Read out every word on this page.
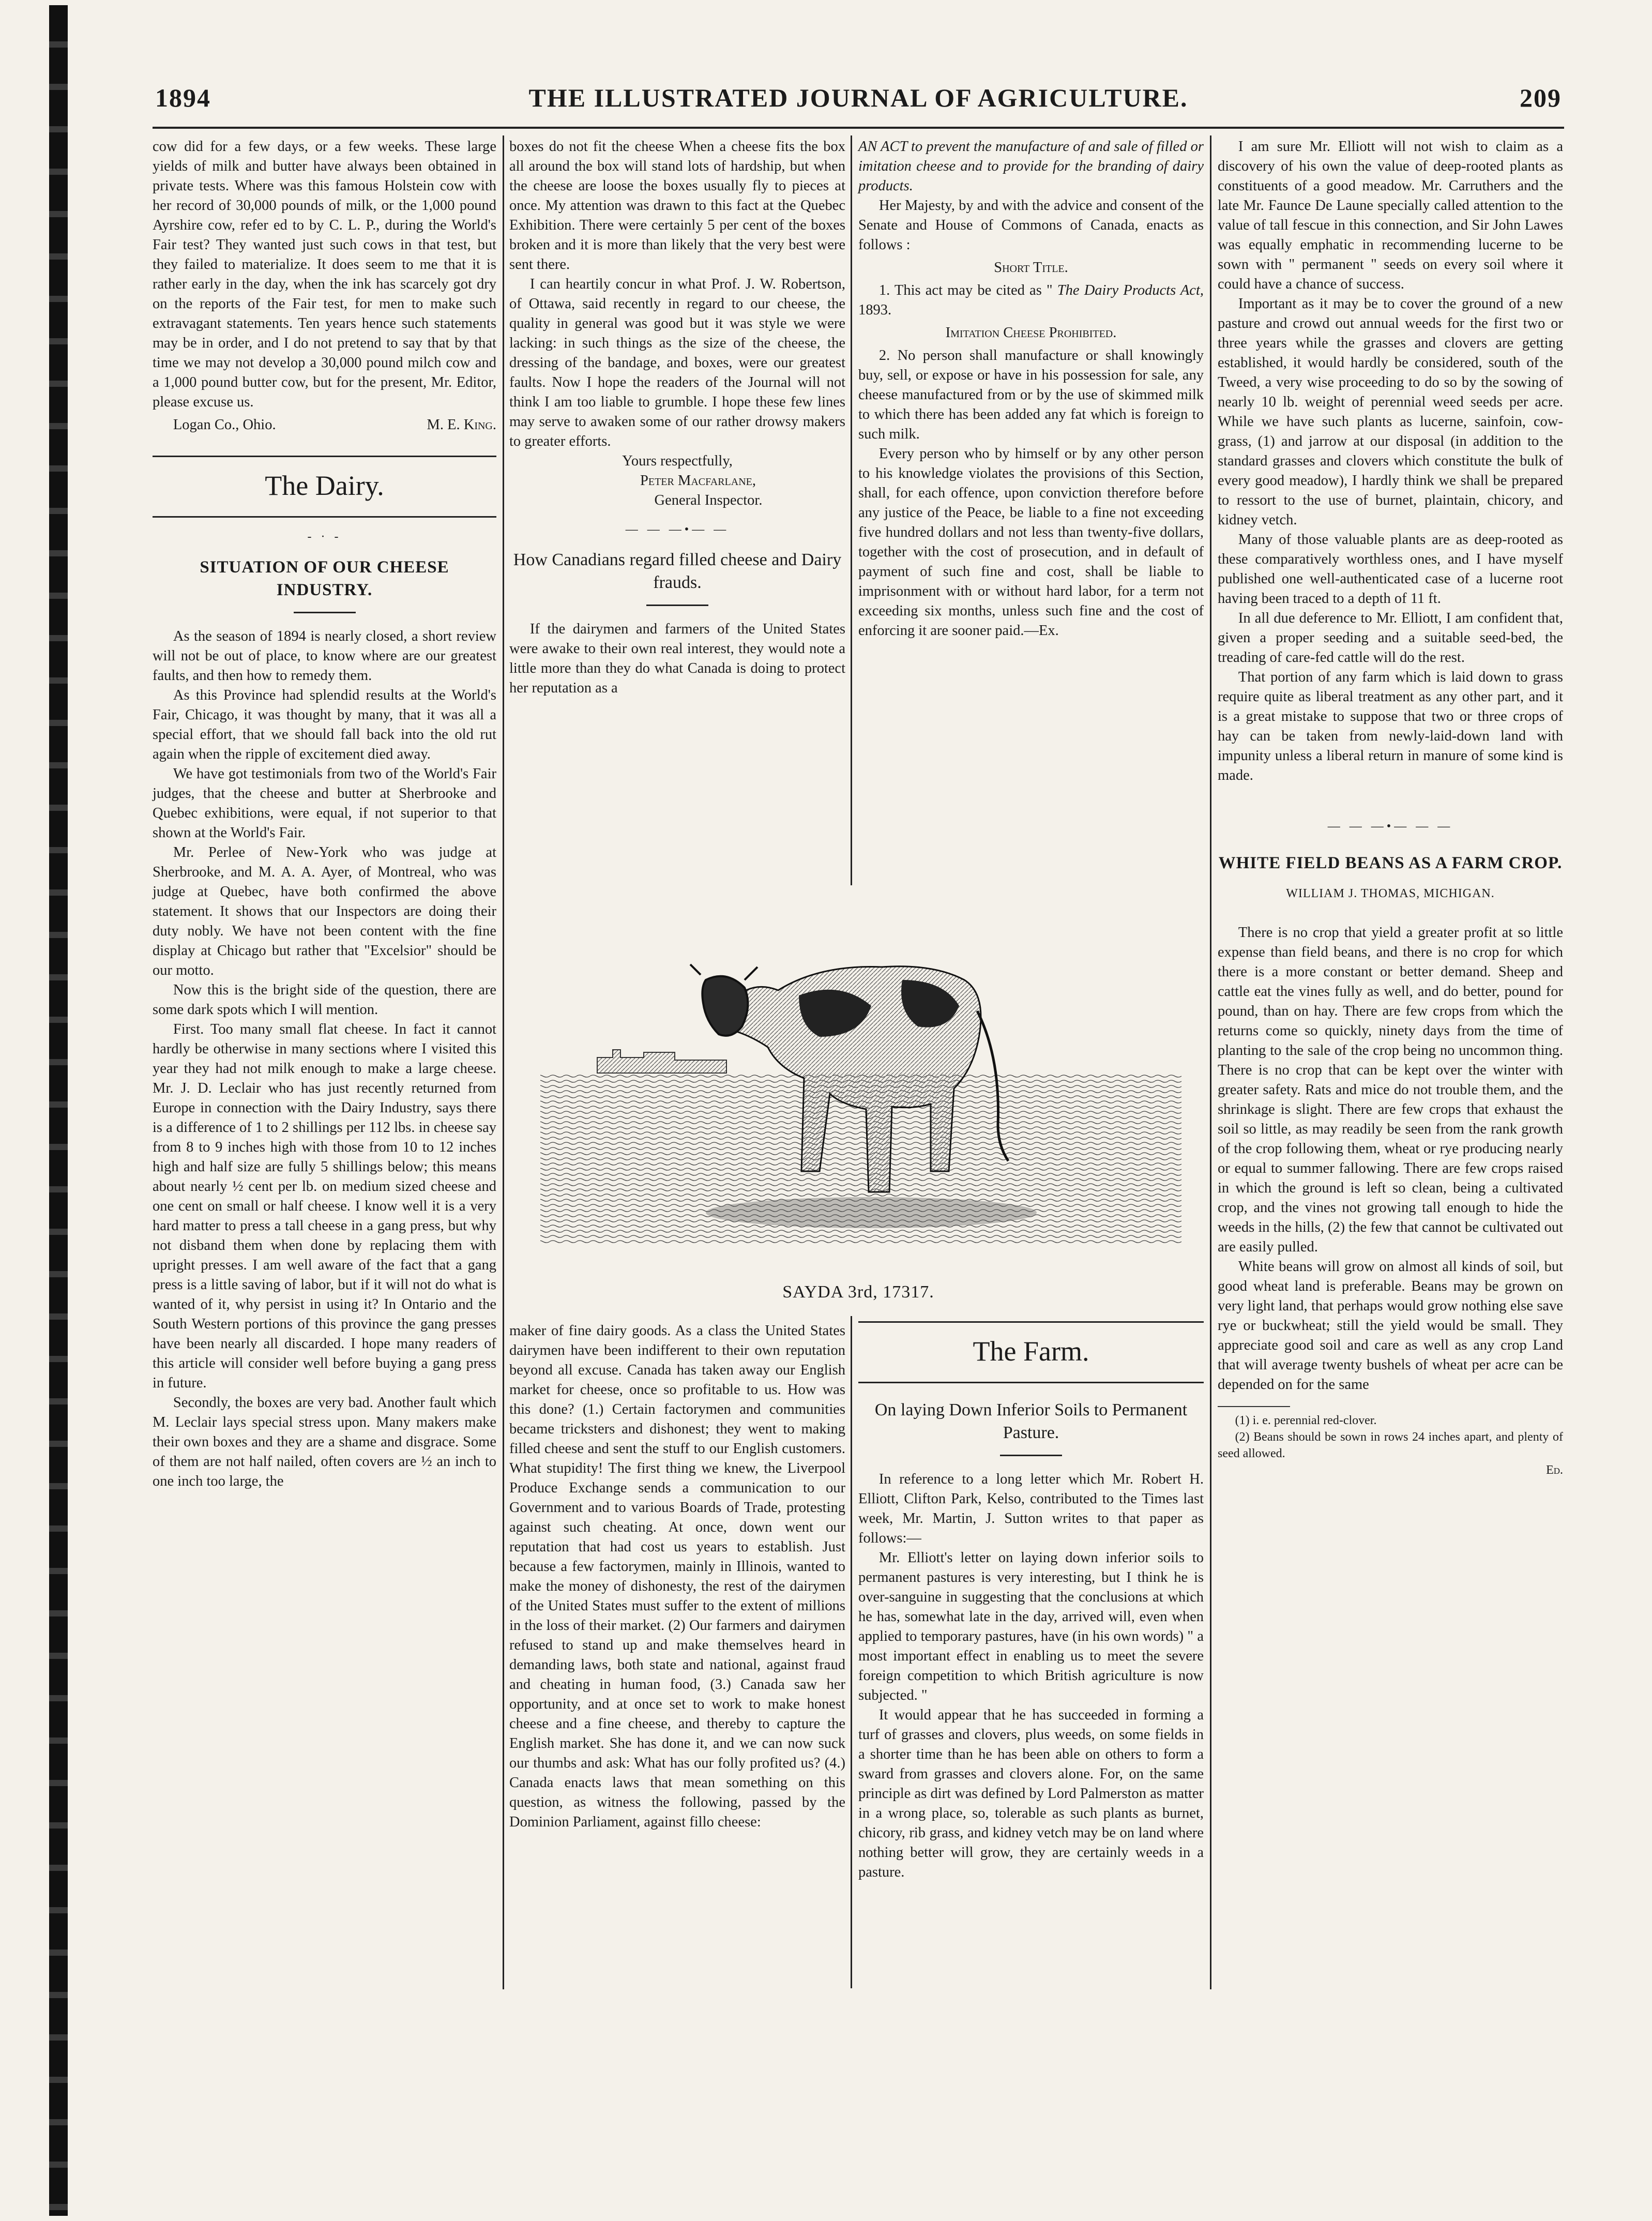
1894	THE ILLUSTRATED JOURNAL OF AGRICULTURE.	209

cow did for a few days, or a few weeks. These large yields of milk and butter have always been obtained in private tests. Where was this famous Holstein cow with her record of 30,000 pounds of milk, or the 1,000 pound Ayrshire cow, refer ed to by C. L. P., during the World's Fair test? They wanted just such cows in that test, but they failed to materialize. It does seem to me that it is rather early in the day, when the ink has scarcely got dry on the reports of the Fair test, for men to make such extravagant statements. Ten years hence such statements may be in order, and I do not pretend to say that by that time we may not develop a 30,000 pound milch cow and a 1,000 pound butter cow, but for the present, Mr. Editor, please excuse us.

Logan Co., Ohio.	M. E. King.

The Dairy.
- · -
SITUATION OF OUR CHEESE INDUSTRY.

As the season of 1894 is nearly closed, a short review will not be out of place, to know where are our greatest faults, and then how to remedy them.

As this Province had splendid results at the World's Fair, Chicago, it was thought by many, that it was all a special effort, that we should fall back into the old rut again when the ripple of excitement died away.

We have got testimonials from two of the World's Fair judges, that the cheese and butter at Sherbrooke and Quebec exhibitions, were equal, if not superior to that shown at the World's Fair.

Mr. Perlee of New-York who was judge at Sherbrooke, and M. A. A. Ayer, of Montreal, who was judge at Quebec, have both confirmed the above statement. It shows that our Inspectors are doing their duty nobly. We have not been content with the fine display at Chicago but rather that "Excelsior" should be our motto.

Now this is the bright side of the question, there are some dark spots which I will mention.

First. Too many small flat cheese. In fact it cannot hardly be otherwise in many sections where I visited this year they had not milk enough to make a large cheese. Mr. J. D. Leclair who has just recently returned from Europe in connection with the Dairy Industry, says there is a difference of 1 to 2 shillings per 112 lbs. in cheese say from 8 to 9 inches high with those from 10 to 12 inches high and half size are fully 5 shillings below; this means about nearly ½ cent per lb. on medium sized cheese and one cent on small or half cheese. I know well it is a very hard matter to press a tall cheese in a gang press, but why not disband them when done by replacing them with upright presses. I am well aware of the fact that a gang press is a little saving of labor, but if it will not do what is wanted of it, why persist in using it? In Ontario and the South Western portions of this province the gang presses have been nearly all discarded. I hope many readers of this article will consider well before buying a gang press in future.

Secondly, the boxes are very bad. Another fault which M. Leclair lays special stress upon. Many makers make their own boxes and they are a shame and disgrace. Some of them are not half nailed, often covers are ½ an inch to one inch too large, the

boxes do not fit the cheese When a cheese fits the box all around the box will stand lots of hardship, but when the cheese are loose the boxes usually fly to pieces at once. My attention was drawn to this fact at the Quebec Exhibition. There were certainly 5 per cent of the boxes broken and it is more than likely that the very best were sent there.

I can heartily concur in what Prof. J. W. Robertson, of Ottawa, said recently in regard to our cheese, the quality in general was good but it was style we were lacking: in such things as the size of the cheese, the dressing of the bandage, and boxes, were our greatest faults. Now I hope the readers of the Journal will not think I am too liable to grumble. I hope these few lines may serve to awaken some of our rather drowsy makers to greater efforts.

Yours respectfully,

Peter Macfarlane,

General Inspector.

— — —•— —
How Canadians regard filled cheese and Dairy frauds.

If the dairymen and farmers of the United States were awake to their own real interest, they would note a little more than they do what Canada is doing to protect her reputation as a

AN ACT to prevent the manufacture of and sale of filled or imitation cheese and to provide for the branding of dairy products.

Her Majesty, by and with the advice and consent of the Senate and House of Commons of Canada, enacts as follows :

Short Title.

1. This act may be cited as " The Dairy Products Act, 1893.

Imitation Cheese Prohibited.

2. No person shall manufacture or shall knowingly buy, sell, or expose or have in his possession for sale, any cheese manufactured from or by the use of skimmed milk to which there has been added any fat which is foreign to such milk.

Every person who by himself or by any other person to his knowledge violates the provisions of this Section, shall, for each offence, upon conviction therefore before any justice of the Peace, be liable to a fine not exceeding five hundred dollars and not less than twenty-five dollars, together with the cost of prosecution, and in default of payment of such fine and cost, shall be liable to imprisonment with or without hard labor, for a term not exceeding six months, unless such fine and the cost of enforcing it are sooner paid.—Ex.

SAYDA 3rd, 17317.

maker of fine dairy goods. As a class the United States dairymen have been indifferent to their own reputation beyond all excuse. Canada has taken away our English market for cheese, once so profitable to us. How was this done? (1.) Certain factorymen and communities became tricksters and dishonest; they went to making filled cheese and sent the stuff to our English customers. What stupidity! The first thing we knew, the Liverpool Produce Exchange sends a communication to our Government and to various Boards of Trade, protesting against such cheating. At once, down went our reputation that had cost us years to establish. Just because a few factorymen, mainly in Illinois, wanted to make the money of dishonesty, the rest of the dairymen of the United States must suffer to the extent of millions in the loss of their market. (2) Our farmers and dairymen refused to stand up and make themselves heard in demanding laws, both state and national, against fraud and cheating in human food, (3.) Canada saw her opportunity, and at once set to work to make honest cheese and a fine cheese, and thereby to capture the English market. She has done it, and we can now suck our thumbs and ask: What has our folly profited us? (4.) Canada enacts laws that mean something on this question, as witness the following, passed by the Dominion Parliament, against fillo cheese:

The Farm.
On laying Down Inferior Soils to Permanent Pasture.

In reference to a long letter which Mr. Robert H. Elliott, Clifton Park, Kelso, contributed to the Times last week, Mr. Martin, J. Sutton writes to that paper as follows:—

Mr. Elliott's letter on laying down inferior soils to permanent pastures is very interesting, but I think he is over-sanguine in suggesting that the conclusions at which he has, somewhat late in the day, arrived will, even when applied to temporary pastures, have (in his own words) " a most important effect in enabling us to meet the severe foreign competition to which British agriculture is now subjected. "

It would appear that he has succeeded in forming a turf of grasses and clovers, plus weeds, on some fields in a shorter time than he has been able on others to form a sward from grasses and clovers alone. For, on the same principle as dirt was defined by Lord Palmerston as matter in a wrong place, so, tolerable as such plants as burnet, chicory, rib grass, and kidney vetch may be on land where nothing better will grow, they are certainly weeds in a pasture.

I am sure Mr. Elliott will not wish to claim as a discovery of his own the value of deep-rooted plants as constituents of a good meadow. Mr. Carruthers and the late Mr. Faunce De Laune specially called attention to the value of tall fescue in this connection, and Sir John Lawes was equally emphatic in recommending lucerne to be sown with " permanent " seeds on every soil where it could have a chance of success.

Important as it may be to cover the ground of a new pasture and crowd out annual weeds for the first two or three years while the grasses and clovers are getting established, it would hardly be considered, south of the Tweed, a very wise proceeding to do so by the sowing of nearly 10 lb. weight of perennial weed seeds per acre. While we have such plants as lucerne, sainfoin, cow-grass, (1) and jarrow at our disposal (in addition to the standard grasses and clovers which constitute the bulk of every good meadow), I hardly think we shall be prepared to ressort to the use of burnet, plaintain, chicory, and kidney vetch.

Many of those valuable plants are as deep-rooted as these comparatively worthless ones, and I have myself published one well-authenticated case of a lucerne root having been traced to a depth of 11 ft.

In all due deference to Mr. Elliott, I am confident that, given a proper seeding and a suitable seed-bed, the treading of care-fed cattle will do the rest.

That portion of any farm which is laid down to grass require quite as liberal treatment as any other part, and it is a great mistake to suppose that two or three crops of hay can be taken from newly-laid-down land with impunity unless a liberal return in manure of some kind is made.

— — —•— — —
WHITE FIELD BEANS AS A FARM CROP.
WILLIAM J. THOMAS, MICHIGAN.

There is no crop that yield a greater profit at so little expense than field beans, and there is no crop for which there is a more constant or better demand. Sheep and cattle eat the vines fully as well, and do better, pound for pound, than on hay. There are few crops from which the returns come so quickly, ninety days from the time of planting to the sale of the crop being no uncommon thing. There is no crop that can be kept over the winter with greater safety. Rats and mice do not trouble them, and the shrinkage is slight. There are few crops that exhaust the soil so little, as may readily be seen from the rank growth of the crop following them, wheat or rye producing nearly or equal to summer fallowing. There are few crops raised in which the ground is left so clean, being a cultivated crop, and the vines not growing tall enough to hide the weeds in the hills, (2) the few that cannot be cultivated out are easily pulled.

White beans will grow on almost all kinds of soil, but good wheat land is preferable. Beans may be grown on very light land, that perhaps would grow nothing else save rye or buckwheat; still the yield would be small. They appreciate good soil and care as well as any crop Land that will average twenty bushels of wheat per acre can be depended on for the same

(1) i. e. perennial red-clover.

(2) Beans should be sown in rows 24 inches apart, and plenty of seed allowed.

Ed.
